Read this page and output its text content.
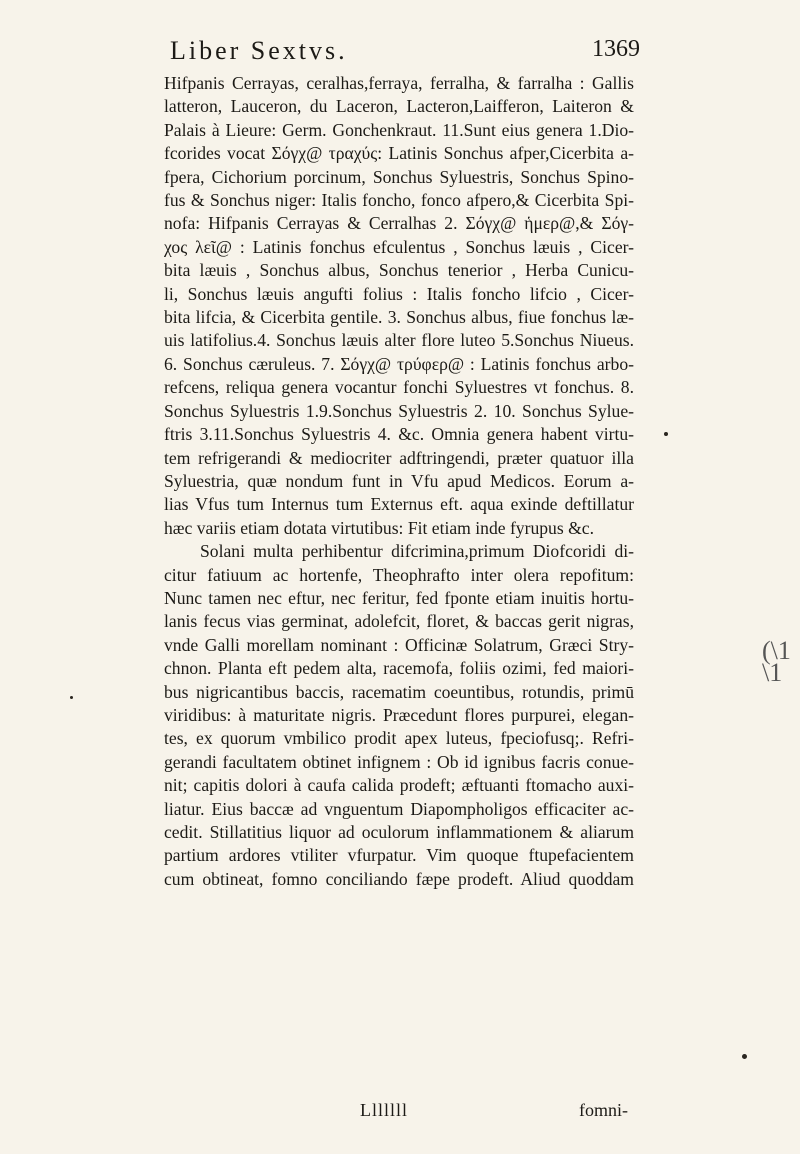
Liber Sextvs.	1369
Hifpanis Cerrayas, ceralhas,ferraya, ferralha, & farralha : Gallis
latteron, Lauceron, du Laceron, Lacteron,Laifferon, Laiteron &
Palais à Lieure: Germ. Gonchenkraut. 11.Sunt eius genera 1.Dio-
fcorides vocat Σόγχ@ τραχύς: Latinis Sonchus afper,Cicerbita a-
fpera, Cichorium porcinum, Sonchus Syluestris, Sonchus Spino-
fus & Sonchus niger: Italis foncho, fonco afpero,& Cicerbita Spi-
nofa: Hifpanis Cerrayas & Cerralhas 2. Σόγχ@ ἡμερ@,& Σόγ-
χος λεῖ@ : Latinis fonchus efculentus , Sonchus læuis , Cicer-
bita læuis , Sonchus albus, Sonchus tenerior , Herba Cunicu-
li, Sonchus læuis angufti folius : Italis foncho lifcio , Cicer-
bita lifcia, & Cicerbita gentile. 3. Sonchus albus, fiue fonchus læ-
uis latifolius.4. Sonchus læuis alter flore luteo 5.Sonchus Niueus.
6. Sonchus cæruleus. 7. Σόγχ@ τρύφερ@ : Latinis fonchus arbo-
refcens, reliqua genera vocantur fonchi Syluestres vt fonchus. 8.
Sonchus Syluestris 1.9.Sonchus Syluestris 2. 10. Sonchus Sylue-
ftris 3.11.Sonchus Syluestris 4. &c. Omnia genera habent virtu-
tem refrigerandi & mediocriter adftringendi, præter quatuor illa
Syluestria, quæ nondum funt in Vfu apud Medicos. Eorum a-
lias Vfus tum Internus tum Externus eft. aqua exinde deftillatur
hæc variis etiam dotata virtutibus: Fit etiam inde fyrupus &c.
Solani multa perhibentur difcrimina,primum Diofcoridi di-
citur fatiuum ac hortenfe, Theophrafto inter olera repofitum:
Nunc tamen nec eftur, nec feritur, fed fponte etiam inuitis hortu-
lanis fecus vias germinat, adolefcit, floret, & baccas gerit nigras,
vnde Galli morellam nominant : Officinæ Solatrum, Græci Stry-
chnon. Planta eft pedem alta, racemofa, foliis ozimi, fed maiori-
bus nigricantibus baccis, racematim coeuntibus, rotundis, primū
viridibus: à maturitate nigris. Præcedunt flores purpurei, elegan-
tes, ex quorum vmbilico prodit apex luteus, fpeciofusq;. Refri-
gerandi facultatem obtinet infignem : Ob id ignibus facris conue-
nit; capitis dolori à caufa calida prodeft; æftuanti ftomacho auxi-
liatur. Eius baccæ ad vnguentum Diapompholigos efficaciter ac-
cedit. Stillatitius liquor ad oculorum inflammationem & aliarum
partium ardores vtiliter vfurpatur. Vim quoque ftupefacientem
cum obtineat, fomno conciliando fæpe prodeft. Aliud quoddam
Lllllll	fomni-
(\1 \1
